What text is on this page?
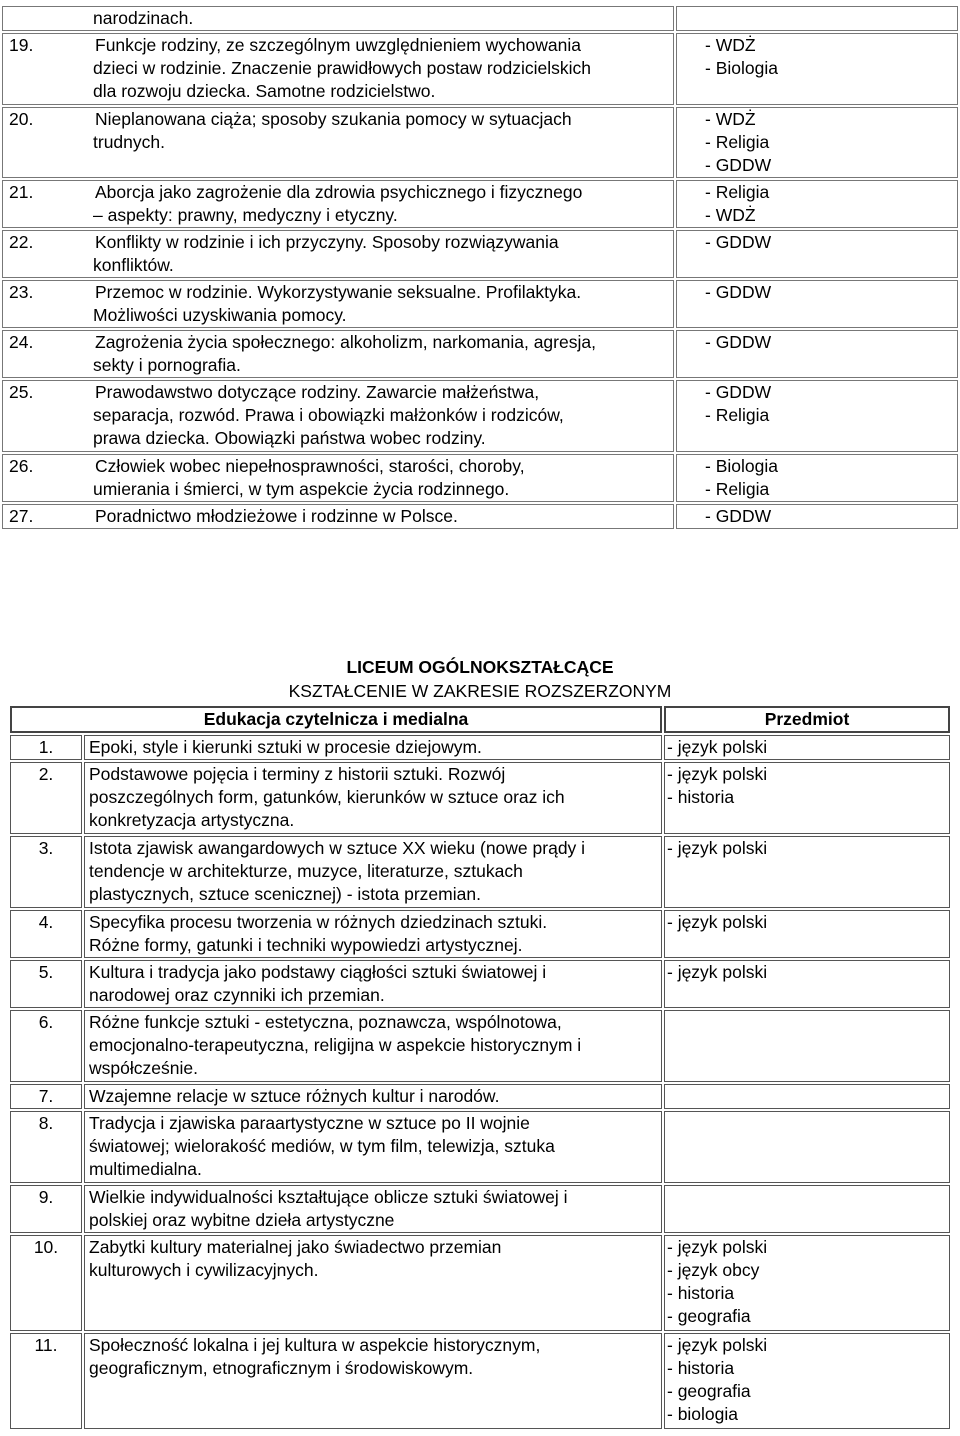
narodzinach.	

19. Funkcje rodziny, ze szczególnym uwzględnieniem wychowania
dzieci w rodzinie. Znaczenie prawidłowych postaw rodzicielskich
dla rozwoju dziecka. Samotne rodzicielstwo.	- WDŻ
- Biologia

20. Nieplanowana ciąża; sposoby szukania pomocy w sytuacjach
trudnych.	- WDŻ
- Religia
- GDDW

21. Aborcja jako zagrożenie dla zdrowia psychicznego i fizycznego
– aspekty: prawny, medyczny i etyczny.	- Religia
- WDŻ

22. Konflikty w rodzinie i ich przyczyny. Sposoby rozwiązywania
konfliktów.	- GDDW

23. Przemoc w rodzinie. Wykorzystywanie seksualne. Profilaktyka.
Możliwości uzyskiwania pomocy.	- GDDW

24. Zagrożenia życia społecznego: alkoholizm, narkomania, agresja,
sekty i pornografia.	- GDDW

25. Prawodawstwo dotyczące rodziny. Zawarcie małżeństwa,
separacja, rozwód. Prawa i obowiązki małżonków i rodziców,
prawa dziecka. Obowiązki państwa wobec rodziny.	- GDDW
- Religia

26. Człowiek wobec niepełnosprawności, starości, choroby,
umierania i śmierci, w tym aspekcie życia rodzinnego.	- Biologia
- Religia

27. Poradnictwo młodzieżowe i rodzinne w Polsce.	- GDDW
LICEUM OGÓLNOKSZTAŁCĄCE
KSZTAŁCENIE W ZAKRESIE ROZSZERZONYM
Edukacja czytelnicza i medialna		Przedmiot
1.	Epoki, style i kierunki sztuki w procesie dziejowym.	- język polski

2.	Podstawowe pojęcia i terminy z historii sztuki. Rozwój
poszczególnych form, gatunków, kierunków w sztuce oraz ich
konkretyzacja artystyczna.	- język polski
- historia

3.	Istota zjawisk awangardowych w sztuce XX wieku (nowe prądy i
tendencje w architekturze, muzyce, literaturze, sztukach
plastycznych, sztuce scenicznej) - istota przemian.	- język polski

4.	Specyfika procesu tworzenia w różnych dziedzinach sztuki.
Różne formy, gatunki i techniki wypowiedzi artystycznej.	- język polski

5.	Kultura i tradycja jako podstawy ciągłości sztuki światowej i
narodowej oraz czynniki ich przemian.	- język polski

6.	Różne funkcje sztuki - estetyczna, poznawcza, wspólnotowa,
emocjonalno-terapeutyczna, religijna w aspekcie historycznym i
współcześnie.	

7.	Wzajemne relacje w sztuce różnych kultur i narodów.	

8.	Tradycja i zjawiska paraartystyczne w sztuce po II wojnie
światowej; wielorakość mediów, w tym film, telewizja, sztuka
multimedialna.	

9.	Wielkie indywidualności kształtujące oblicze sztuki światowej i
polskiej oraz wybitne dzieła artystyczne	

10.	Zabytki kultury materialnej jako świadectwo przemian
kulturowych i cywilizacyjnych.	- język polski
- język obcy
- historia
- geografia

11.	Społeczność lokalna i jej kultura w aspekcie historycznym,
geograficznym, etnograficznym i środowiskowym.	- język polski
- historia
- geografia
- biologia
